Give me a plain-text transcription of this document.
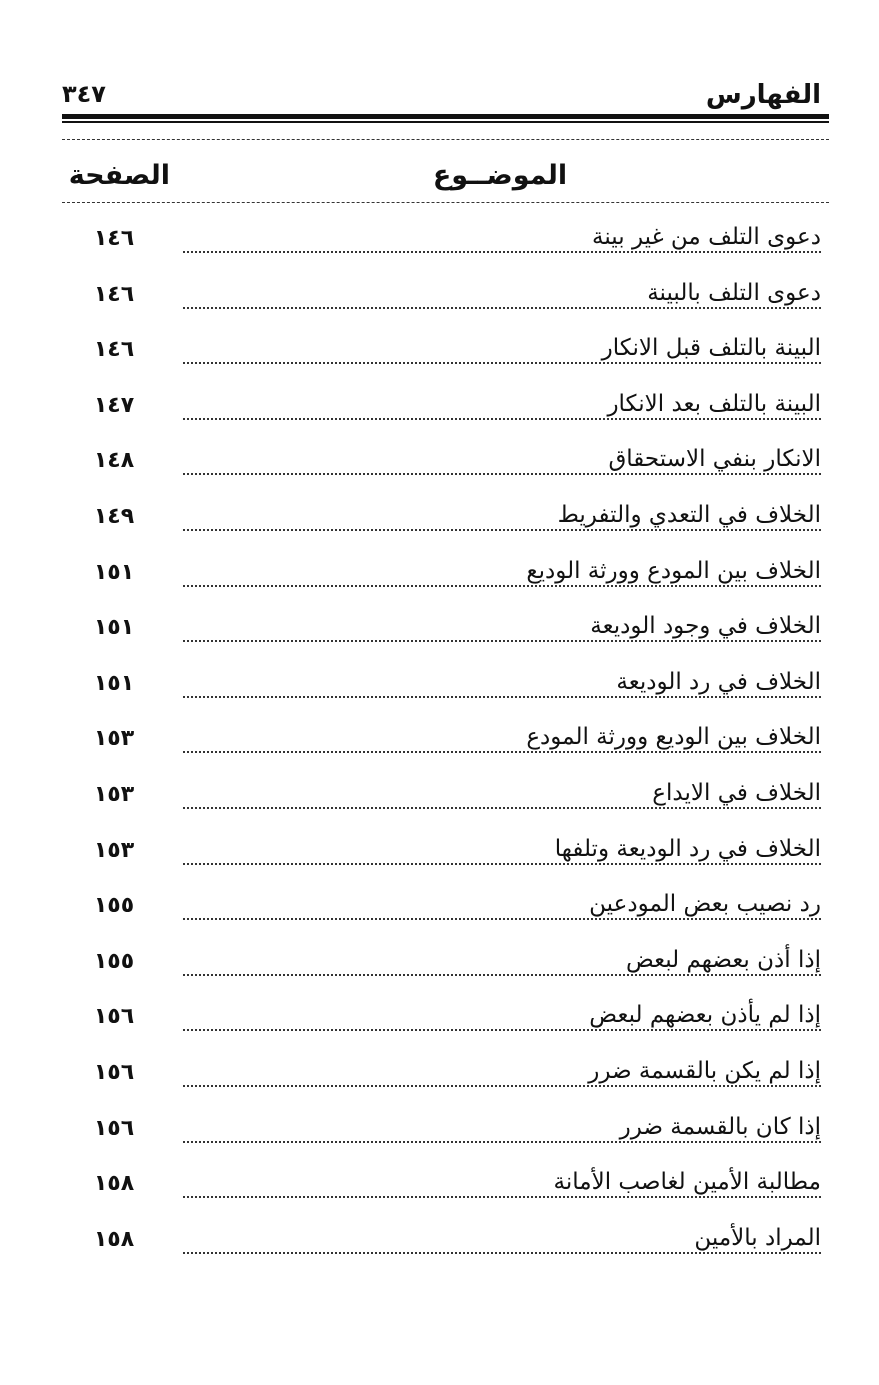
الفهارس
٣٤٧
الموضــوع
الصفحة
دعوى التلف من غير بينة
١٤٦
دعوى التلف بالبينة
١٤٦
البينة بالتلف قبل الانكار
١٤٦
البينة بالتلف بعد الانكار
١٤٧
الانكار بنفي الاستحقاق
١٤٨
الخلاف في التعدي والتفريط
١٤٩
الخلاف بين المودع وورثة الوديع
١٥١
الخلاف في وجود الوديعة
١٥١
الخلاف في رد الوديعة
١٥١
الخلاف بين الوديع وورثة المودع
١٥٣
الخلاف في الايداع
١٥٣
الخلاف في رد الوديعة وتلفها
١٥٣
رد نصيب بعض المودعين
١٥٥
إذا أذن بعضهم لبعض
١٥٥
إذا لم يأذن بعضهم لبعض
١٥٦
إذا لم يكن بالقسمة ضرر
١٥٦
إذا كان بالقسمة ضرر
١٥٦
مطالبة الأمين لغاصب الأمانة
١٥٨
المراد بالأمين
١٥٨
